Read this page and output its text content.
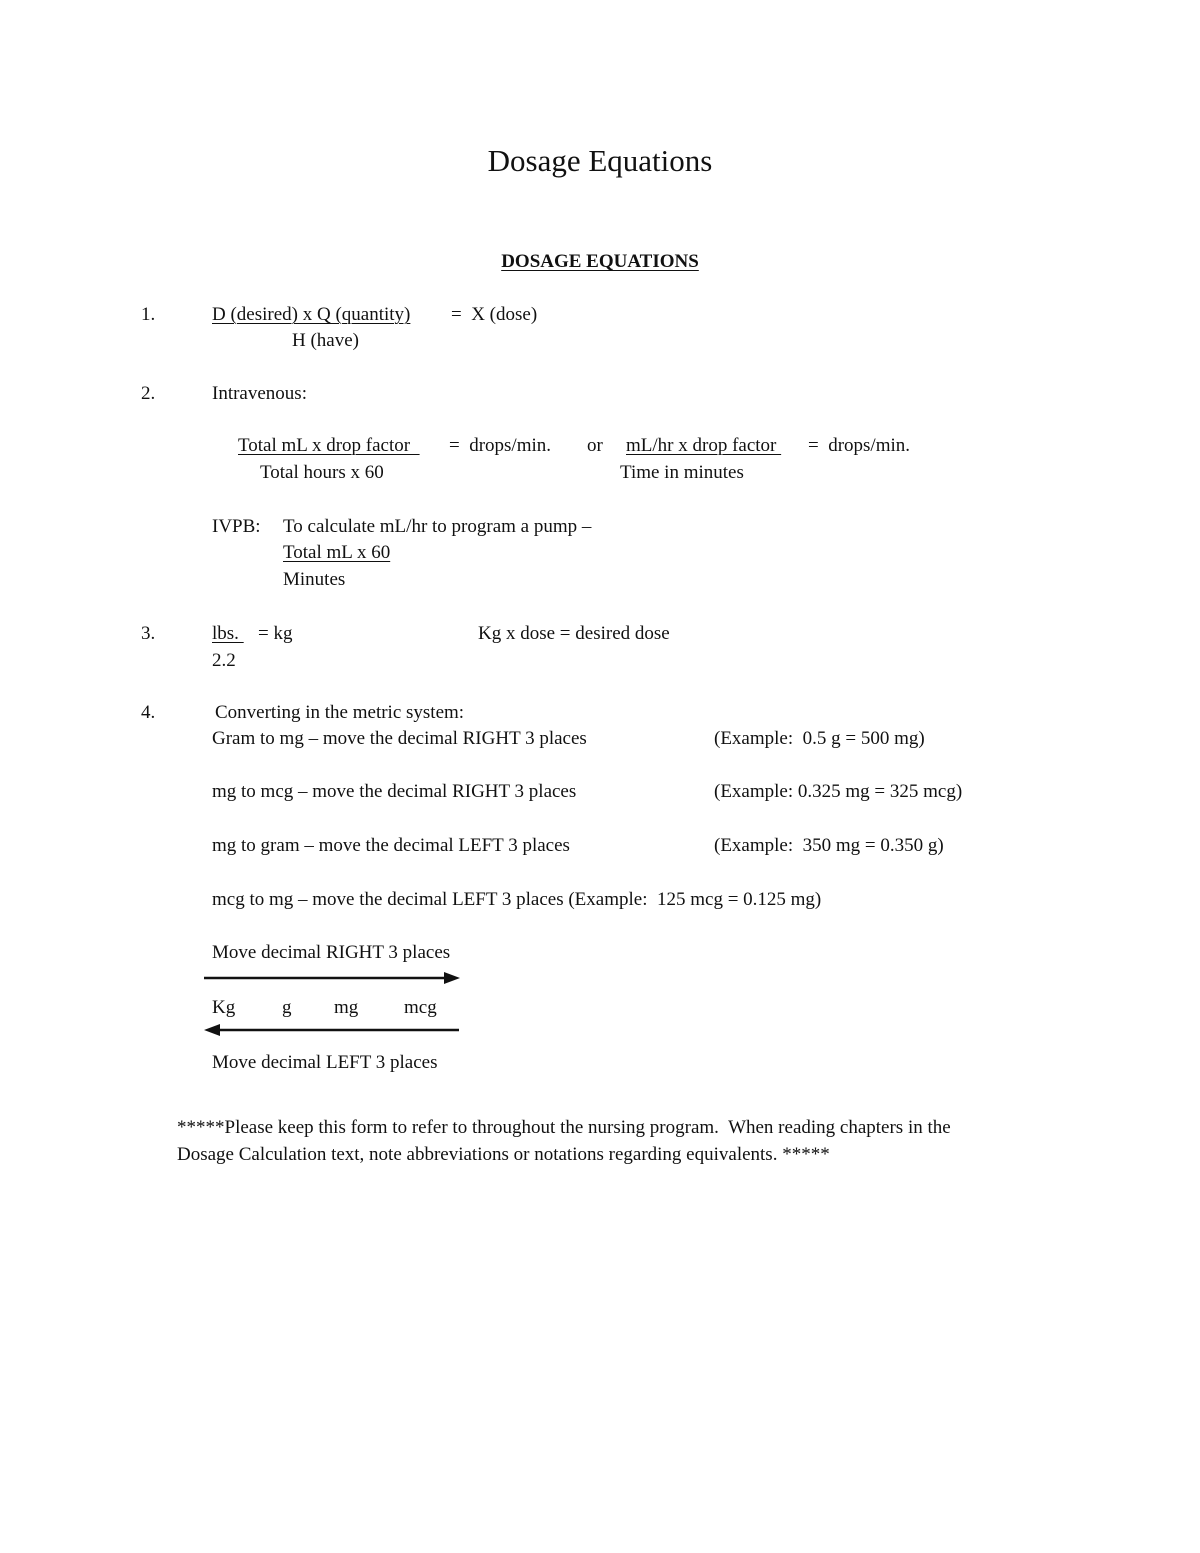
Dosage Equations
DOSAGE EQUATIONS
1.	D (desired) x Q (quantity) =  X (dose)
H (have)
2.	Intravenous:
Total mL x drop factor =  drops/min. or mL/hr x drop factor =  drops/min.
Total hours x 60	Time in minutes
IVPB: To calculate mL/hr to program a pump –
Total mL x 60
Minutes
3.	lbs. = kg	Kg x dose = desired dose
2.2
4.	Converting in the metric system:
Gram to mg – move the decimal RIGHT 3 places	(Example:  0.5 g = 500 mg)
mg to mcg – move the decimal RIGHT 3 places	(Example: 0.325 mg = 325 mcg)
mg to gram – move the decimal LEFT 3 places	(Example:  350 mg = 0.350 g)
mcg to mg – move the decimal LEFT 3 places (Example:  125 mcg = 0.125 mg)
Move decimal RIGHT 3 places
Kg g mg mcg
Move decimal LEFT 3 places
*****Please keep this form to refer to throughout the nursing program.  When reading chapters in the
Dosage Calculation text, note abbreviations or notations regarding equivalents. *****
